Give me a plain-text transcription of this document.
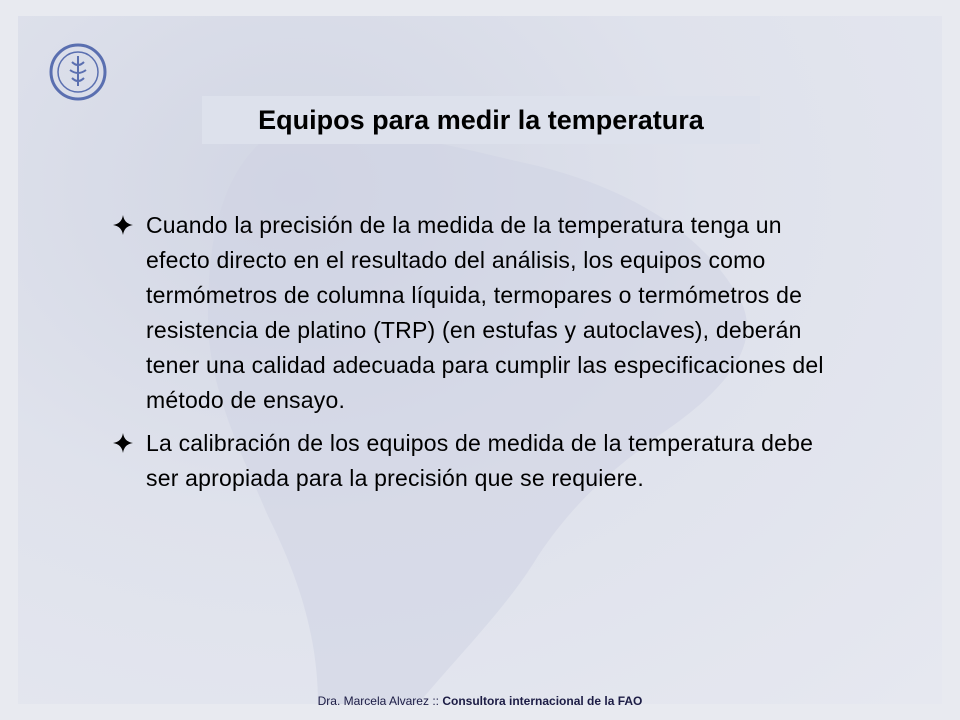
Equipos para medir la temperatura
Cuando la precisión de la medida de la temperatura tenga un efecto directo en el resultado del análisis, los equipos como termómetros de columna líquida, termopares o termómetros de resistencia de platino (TRP) (en estufas y autoclaves), deberán tener una calidad adecuada para cumplir las especificaciones del método de ensayo.
La calibración de los equipos de medida de la temperatura debe ser apropiada para la precisión que se requiere.
Dra. Marcela Alvarez :: Consultora internacional de la FAO
